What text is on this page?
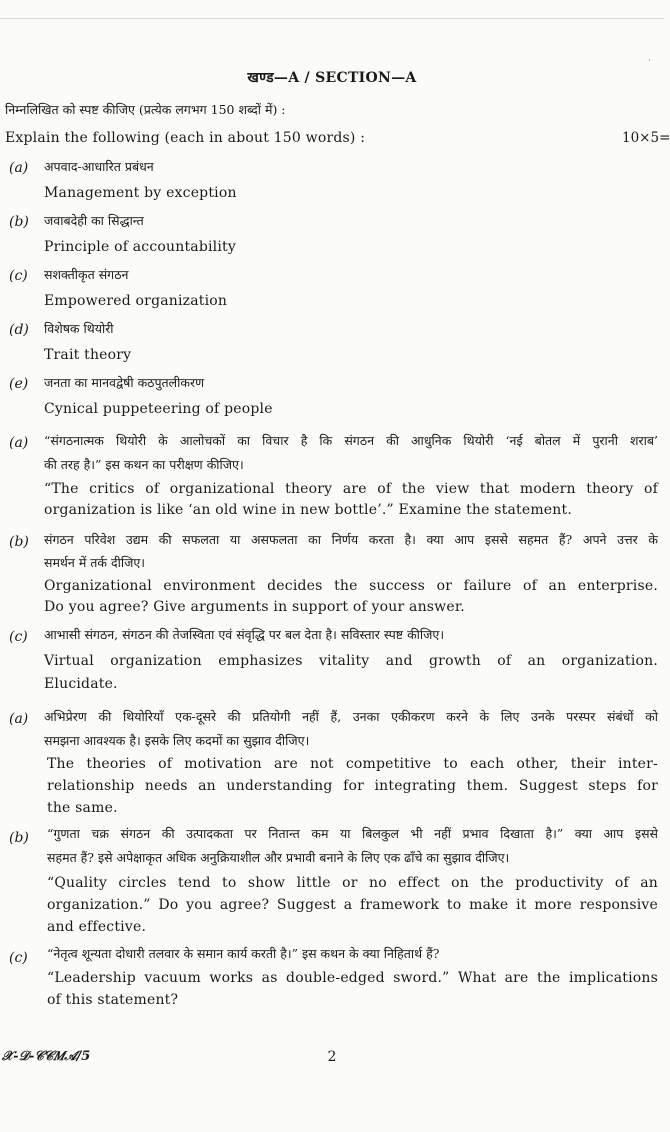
·
खण्ड—A / SECTION—A
निम्नलिखित को स्पष्ट कीजिए (प्रत्येक लगभग 150 शब्दों में) :
Explain the following (each in about 150 words) :	10×5=
(a) अपवाद-आधारित प्रबंधन
Management by exception
(b) जवाबदेही का सिद्धान्त
Principle of accountability
(c) सशक्तीकृत संगठन
Empowered organization
(d) विशेषक थियोरी
Trait theory
(e) जनता का मानवद्वेषी कठपुतलीकरण
Cynical puppeteering of people
(a) “संगठनात्मक थियोरी के आलोचकों का विचार है कि संगठन की आधुनिक थियोरी ‘नई बोतल में पुरानी शराब’
की तरह है।” इस कथन का परीक्षण कीजिए।
“The critics of organizational theory are of the view that modern theory of
organization is like ‘an old wine in new bottle’.” Examine the statement.
(b) संगठन परिवेश उद्यम की सफलता या असफलता का निर्णय करता है। क्या आप इससे सहमत हैं? अपने उत्तर के
समर्थन में तर्क दीजिए।
Organizational environment decides the success or failure of an enterprise.
Do you agree? Give arguments in support of your answer.
(c) आभासी संगठन, संगठन की तेजस्विता एवं संवृद्धि पर बल देता है। सविस्तार स्पष्ट कीजिए।
Virtual organization emphasizes vitality and growth of an organization.
Elucidate.
(a) अभिप्रेरण की थियोरियाँ एक-दूसरे की प्रतियोगी नहीं हैं, उनका एकीकरण करने के लिए उनके परस्पर संबंधों को
समझना आवश्यक है। इसके लिए कदमों का सुझाव दीजिए।
The theories of motivation are not competitive to each other, their inter-
relationship needs an understanding for integrating them. Suggest steps for
the same.
(b) “गुणता चक्र संगठन की उत्पादकता पर नितान्त कम या बिलकुल भी नहीं प्रभाव दिखाता है।” क्या आप इससे
सहमत हैं? इसे अपेक्षाकृत अधिक अनुक्रियाशील और प्रभावी बनाने के लिए एक ढाँचे का सुझाव दीजिए।
“Quality circles tend to show little or no effect on the productivity of an
organization.” Do you agree? Suggest a framework to make it more responsive
and effective.
(c) “नेतृत्व शून्यता दोधारी तलवार के समान कार्य करती है।” इस कथन के क्या निहितार्थ हैं?
“Leadership vacuum works as double-edged sword.” What are the implications
of this statement?
𝒳-𝒟-𝒞𝒞𝑀𝒜/5	2
